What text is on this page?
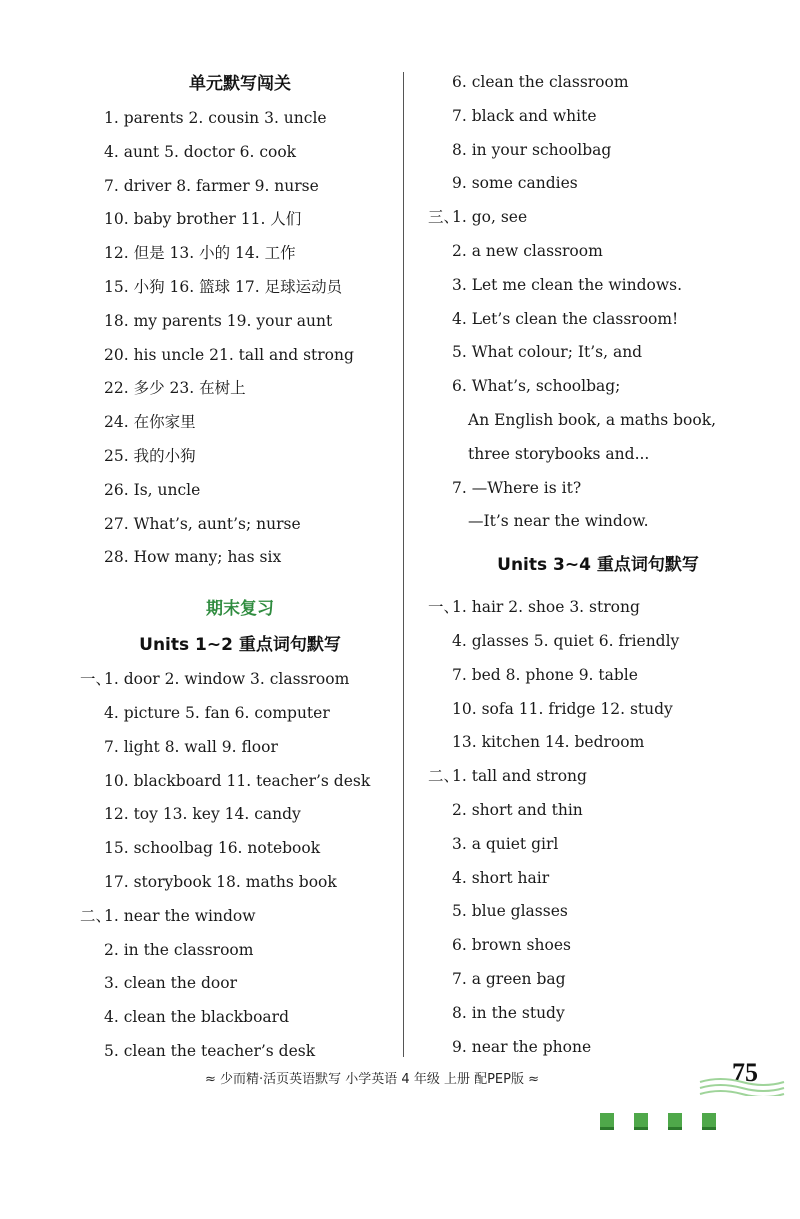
单元默写闯关
1. parents 2. cousin 3. uncle
4. aunt 5. doctor 6. cook
7. driver 8. farmer 9. nurse
10. baby brother 11. 人们
12. 但是 13. 小的 14. 工作
15. 小狗 16. 篮球 17. 足球运动员
18. my parents 19. your aunt
20. his uncle 21. tall and strong
22. 多少 23. 在树上
24. 在你家里
25. 我的小狗
26. Is, uncle
27. What’s, aunt’s; nurse
28. How many; has six
期末复习
Units 1~2 重点词句默写
一、
1. door 2. window 3. classroom
4. picture 5. fan 6. computer
7. light 8. wall 9. floor
10. blackboard 11. teacher’s desk
12. toy 13. key 14. candy
15. schoolbag 16. notebook
17. storybook 18. maths book
二、
1. near the window
2. in the classroom
3. clean the door
4. clean the blackboard
5. clean the teacher’s desk
6. clean the classroom
7. black and white
8. in your schoolbag
9. some candies
三、
1. go, see
2. a new classroom
3. Let me clean the windows.
4. Let’s clean the classroom!
5. What colour; It’s, and
6. What’s, schoolbag;
An English book, a maths book,
three storybooks and...
7. —Where is it?
—It’s near the window.
Units 3~4 重点词句默写
一、
1. hair 2. shoe 3. strong
4. glasses 5. quiet 6. friendly
7. bed 8. phone 9. table
10. sofa 11. fridge 12. study
13. kitchen 14. bedroom
二、
1. tall and strong
2. short and thin
3. a quiet girl
4. short hair
5. blue glasses
6. brown shoes
7. a green bag
8. in the study
9. near the phone
≈ 少而精·活页英语默写 小学英语 4 年级 上册 配PEP版 ≈	75
